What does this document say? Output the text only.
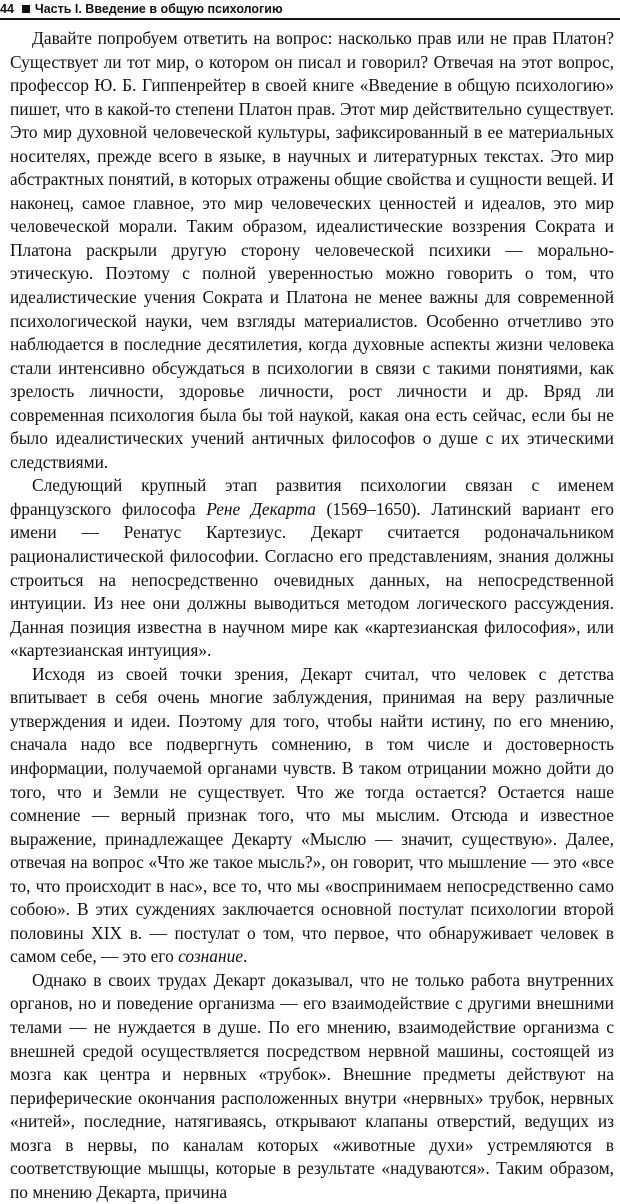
44 Часть I. Введение в общую психологию

Давайте попробуем ответить на вопрос: насколько прав или не прав Платон? Существует ли тот мир, о котором он писал и говорил? Отвечая на этот вопрос, профессор Ю. Б. Гиппенрейтер в своей книге «Введение в общую психологию» пишет, что в какой-то степени Платон прав. Этот мир действительно существует. Это мир духовной человеческой культуры, зафиксированный в ее материальных носителях, прежде всего в языке, в научных и литературных текстах. Это мир абстрактных понятий, в которых отражены общие свойства и сущности вещей. И наконец, самое главное, это мир человеческих ценностей и идеалов, это мир человеческой морали. Таким образом, идеалистические воззрения Сократа и Платона раскрыли другую сторону человеческой психики — морально-этическую. Поэтому с полной уверенностью можно говорить о том, что идеалистические учения Сократа и Платона не менее важны для современной психологической науки, чем взгляды материалистов. Особенно отчетливо это наблюдается в последние десятилетия, когда духовные аспекты жизни человека стали интенсивно обсуждаться в психологии в связи с такими понятиями, как зрелость личности, здоровье личности, рост личности и др. Вряд ли современная психология была бы той наукой, какая она есть сейчас, если бы не было идеалистических учений античных философов о душе с их этическими следствиями.

Следующий крупный этап развития психологии связан с именем французского философа Рене Декарта (1569–1650). Латинский вариант его имени — Ренатус Картезиус. Декарт считается родоначальником рационалистической философии. Согласно его представлениям, знания должны строиться на непосредственно очевидных данных, на непосредственной интуиции. Из нее они должны выводиться методом логического рассуждения. Данная позиция известна в научном мире как «картезианская философия», или «картезианская интуиция».

Исходя из своей точки зрения, Декарт считал, что человек с детства впитывает в себя очень многие заблуждения, принимая на веру различные утверждения и идеи. Поэтому для того, чтобы найти истину, по его мнению, сначала надо все подвергнуть сомнению, в том числе и достоверность информации, получаемой органами чувств. В таком отрицании можно дойти до того, что и Земли не существует. Что же тогда остается? Остается наше сомнение — верный признак того, что мы мыслим. Отсюда и известное выражение, принадлежащее Декарту «Мыслю — значит, существую». Далее, отвечая на вопрос «Что же такое мысль?», он говорит, что мышление — это «все то, что происходит в нас», все то, что мы «воспринимаем непосредственно само собою». В этих суждениях заключается основной постулат психологии второй половины XIX в. — постулат о том, что первое, что обнаруживает человек в самом себе, — это его сознание.

Однако в своих трудах Декарт доказывал, что не только работа внутренних органов, но и поведение организма — его взаимодействие с другими внешними телами — не нуждается в душе. По его мнению, взаимодействие организма с внешней средой осуществляется посредством нервной машины, состоящей из мозга как центра и нервных «трубок». Внешние предметы действуют на периферические окончания расположенных внутри «нервных» трубок, нервных «нитей», последние, натягиваясь, открывают клапаны отверстий, ведущих из мозга в нервы, по каналам которых «животные духи» устремляются в соответствующие мышцы, которые в результате «надуваются». Таким образом, по мнению Декарта, причина
